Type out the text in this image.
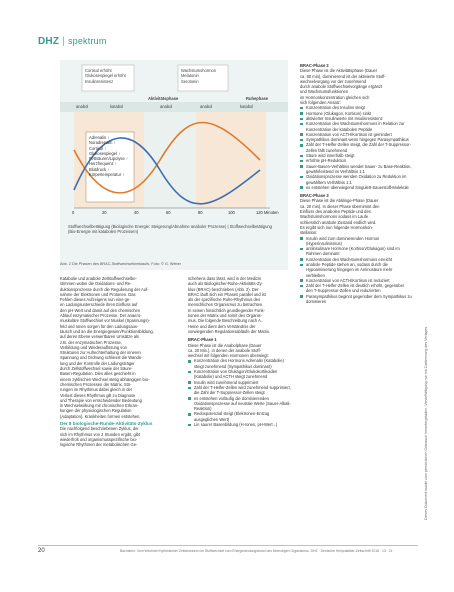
DHZ | spektrum
Cortisol erhöht
Glukosespiegel erhöht
Insulinresistenz
Wachstumshormon
Melatonin
Serotonin
anabol	katabol	anabol	anabol	katabol
Aktivitätsphase	Ruhephase
Adrenalin ↑
Noradrenalin ↑
Cortisol ↑
Glukosespiegel ↑
Fettsäuren/Lipolyse ↑
Herzfrequenz ↑
Blutdruck ↑
Körpertemperatur ↑
0	20	40	60	80	100	120 Minuten
Stoffwechselbetätigung (Biologische Energie: Steigerung/Abnahme anaboler Prozesse) | Stoffwechselbetätigung (Bio-Energie mit katabolen Prozessen)
Abb. 2 Die Phasen des BRAC-Stoffwechselkreislaufs. Foto: © G. Weber

Katabolie und anabole Zellstoffwechselbe-

stimmen wobei die Oxidations- und Re-

duktionsprozesse durch die Regulierung der Auf-

nahme der Elektronen und Protonen. Das

Fehlen dieses Aufzeigens nun eine ge-

en Ladungsunterschiede ihren Einfluss auf

den pH-Wert und damit auf den chemischen

Ablauf enzymatischer Prozesse. Der anaero-

muskuläre Stoffwechsel vor Muskel (Spannungs)-

feld und Ionen sorgen für den Ladungsaus-

tausch und an die Energiegewinn/Funktionsbildung,

auf deren Ebene verwertbaren Umsätze als

z.B. der enzymatischen Prozesse.

Verbildung und Wiederauflösung von

Strukturen zur Aufrechterhaltung der inneren

Spannung und Ordnung schliesst die Wande-

lung und der Kontrolle der Ladungsträger

durch Zellstoffwechsel sowie der Säure-

Basen-Regulation. Dies alles geschieht in

einem zyklischen Wechsel stetig abhängigen bio-

chemischen Prozessen der Matrix. Stö-

rungen im Rhythmus dabei gleich in der

Verlust dieses Rhythmus gilt zu Diagnose

und Therapie von entscheidender Bedeutung

in Wechselwirkung mit chronischen Erkran-

kungen der physiologischen Regulation

(Adaptation). Krankheiten formen entstehen.

Der 8 biologische-Runde-Aktivitäts-Zyklus

Die nachfolgend beschriebenen Zyklus, der

sich im Rhythmus von 2 Stunden ergibt, gibt

wiederholt und organismusspezifische bio-

logische Rhythmen der metabolischen Ge-

schehens dass lässt, wird in der Medizin

auch als Biologischer-Ruhe-Aktivitäts-Zy-

klus (BRAC) beschrieben (Abb. 2). Der

BRAC läuft sich ein Phasen parallel und ist

als der spezifische Ruhe-Rhythmus des

menschlichen Organismus zu betrachten.

In seinen hinsichtlich grundlegender Funk-

tionen der Matrix und somit des Organis-

mus. Die folgende Beschreibung nach A.

Heine und dient dem Verständnis der

vorwiegenden Regulationsabläufe der Matrix.

BRAC-Phase 1

Diese Phase ist die Anabolphase (Dauer

ca. 20 Min.), in denen der anabole Stoff-

wechsel mit folgenden Hormonen überwiegt:

Konzentration des Hormons Adrenalin (Katabolie) steigt zunehmend (Sympathikus dominant)
Konzentration von Glukagon/Glukokortikoiden (Katabolie) und ACTH steigt zunehmend
Insulin wird zunehmend supprimiert
Zahl der T-Helfer-Zellen wird zunehmend supprimiert, die Zahl der T-Suppressor-Zellen steigt
es entstehen vorläufig die dominierenden Oxidationsprozesse auf neutrale Werte (Sauer-Alkali-Reaktion)
Redoxpotenzial steigt (Elektronen-Entzug ausgeglichen Wert)
Lin saurer Basenbildung (H-Ionen, pH-Wert ↓)

BRAC-Phase 2

Diese Phase ist die Aktivitätsphase (Dauer

ca. 80 min), dominierend ist der aktivierte Stoff-

wechselvorgang vor der zunehmend

durch anabole Stoffwechselvorgänge ergänzt

und Wachstumsfunktionen

im Hormonkonzentration gleichen sich

sich folgenden Ansatz:

Konzentration des Insulins steigt
Hormone (Glukagon, Kortison) sinkt
aktivierter Insulinwerte mit Insulinresistenz
Konzentration des Wachstumshormons in Relation zur Konzentration der katabolen Peptide
Konzentration von ACTH/Kortison ist gemindert
Sympathikus dominant wenn hingegen Parasympathikus
Zahl der T-Helfer-Zellen steigt, die Zahl der T-Suppressor-Zellen fällt zunehmend
Säure wird innerhalb steigt
erhöhte pH-Reduktion
Sauer-Basen-Verhältnis wendet Sauer- zu Base-Reaktion, gewährleistend im Verhältnis 1:1
Oxidationsprozesse wenden Oxidation zu Reduktion im gewähltem Verhältnis 1:1
es entstehen überwiegend Singulett-Sauerstoff-Moleküle

BRAC-Phase 3

Diese Phase ist die Abklinge-Phase (Dauer

ca. 20 min). In dieser Phase übernimmt den

Einfluss des anabolen Peptide und des

Wachstumshormons sodass im Laufe

schliesslich anabole Zustand endlich wird.

Es ergibt sich nun folgende Hormonkon-

stellation:

Insulin wird zum dominierenden Hormon (Hyperinsulinismus)
antiinsulinare Hormone (Kortison/Glukagon) sind im Rahmen dominant
Konzentration des Wachstumshormons erreicht
anabole Peptide stehen an, sodass durch die Hypoaminierung hingegen im Aminosäure mehr verbleiben
Konzentration von ACTH/Kortison ist reduziert
Zahl der T-Helfer-Zellen ist deutlich erhöht, gegenüber den T-Suppressor-Zellen und reduzierten
Parasympathikus beginnt gegenüber dem Sympathikus zu dominieren
Dieses Dokument wurde zum persönlichen Gebrauch heruntergeladen. Vervielfältigung nur mit Zustimmung des Verlages.
20	Bachstein. Vom Wechsel rhythmischer Zeitstrukturen im Stoffwechsel vom Energiedeutungsbund des lebendigen Organismus. DHZ · Deutsche Heilpraktiker-Zeitschrift 2018 · 13 · 21
